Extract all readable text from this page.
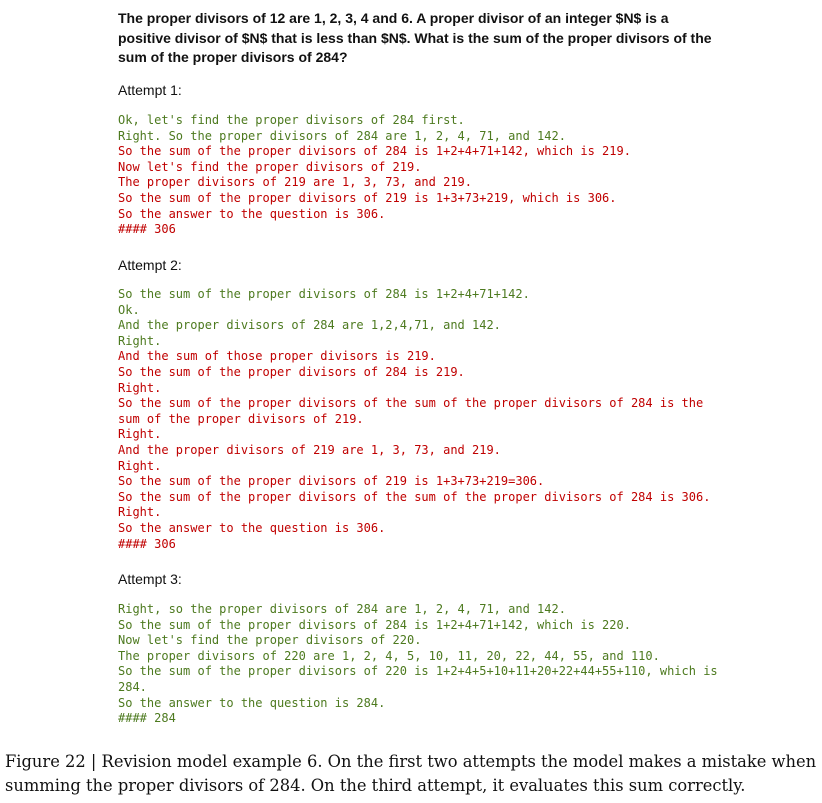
The proper divisors of 12 are 1, 2, 3, 4 and 6. A proper divisor of an integer $N$ is a positive divisor of $N$ that is less than $N$. What is the sum of the proper divisors of the sum of the proper divisors of 284?
Attempt 1:
Ok, let's find the proper divisors of 284 first.
Right. So the proper divisors of 284 are 1, 2, 4, 71, and 142.
So the sum of the proper divisors of 284 is 1+2+4+71+142, which is 219.
Now let's find the proper divisors of 219.
The proper divisors of 219 are 1, 3, 73, and 219.
So the sum of the proper divisors of 219 is 1+3+73+219, which is 306.
So the answer to the question is 306.
#### 306
Attempt 2:
So the sum of the proper divisors of 284 is 1+2+4+71+142.
Ok.
And the proper divisors of 284 are 1,2,4,71, and 142.
Right.
And the sum of those proper divisors is 219.
So the sum of the proper divisors of 284 is 219.
Right.
So the sum of the proper divisors of the sum of the proper divisors of 284 is the sum of the proper divisors of 219.
Right.
And the proper divisors of 219 are 1, 3, 73, and 219.
Right.
So the sum of the proper divisors of 219 is 1+3+73+219=306.
So the sum of the proper divisors of the sum of the proper divisors of 284 is 306.
Right.
So the answer to the question is 306.
#### 306
Attempt 3:
Right, so the proper divisors of 284 are 1, 2, 4, 71, and 142.
So the sum of the proper divisors of 284 is 1+2+4+71+142, which is 220.
Now let's find the proper divisors of 220.
The proper divisors of 220 are 1, 2, 4, 5, 10, 11, 20, 22, 44, 55, and 110.
So the sum of the proper divisors of 220 is 1+2+4+5+10+11+20+22+44+55+110, which is 284.
So the answer to the question is 284.
#### 284
Figure 22 | Revision model example 6. On the first two attempts the model makes a mistake when summing the proper divisors of 284. On the third attempt, it evaluates this sum correctly.
